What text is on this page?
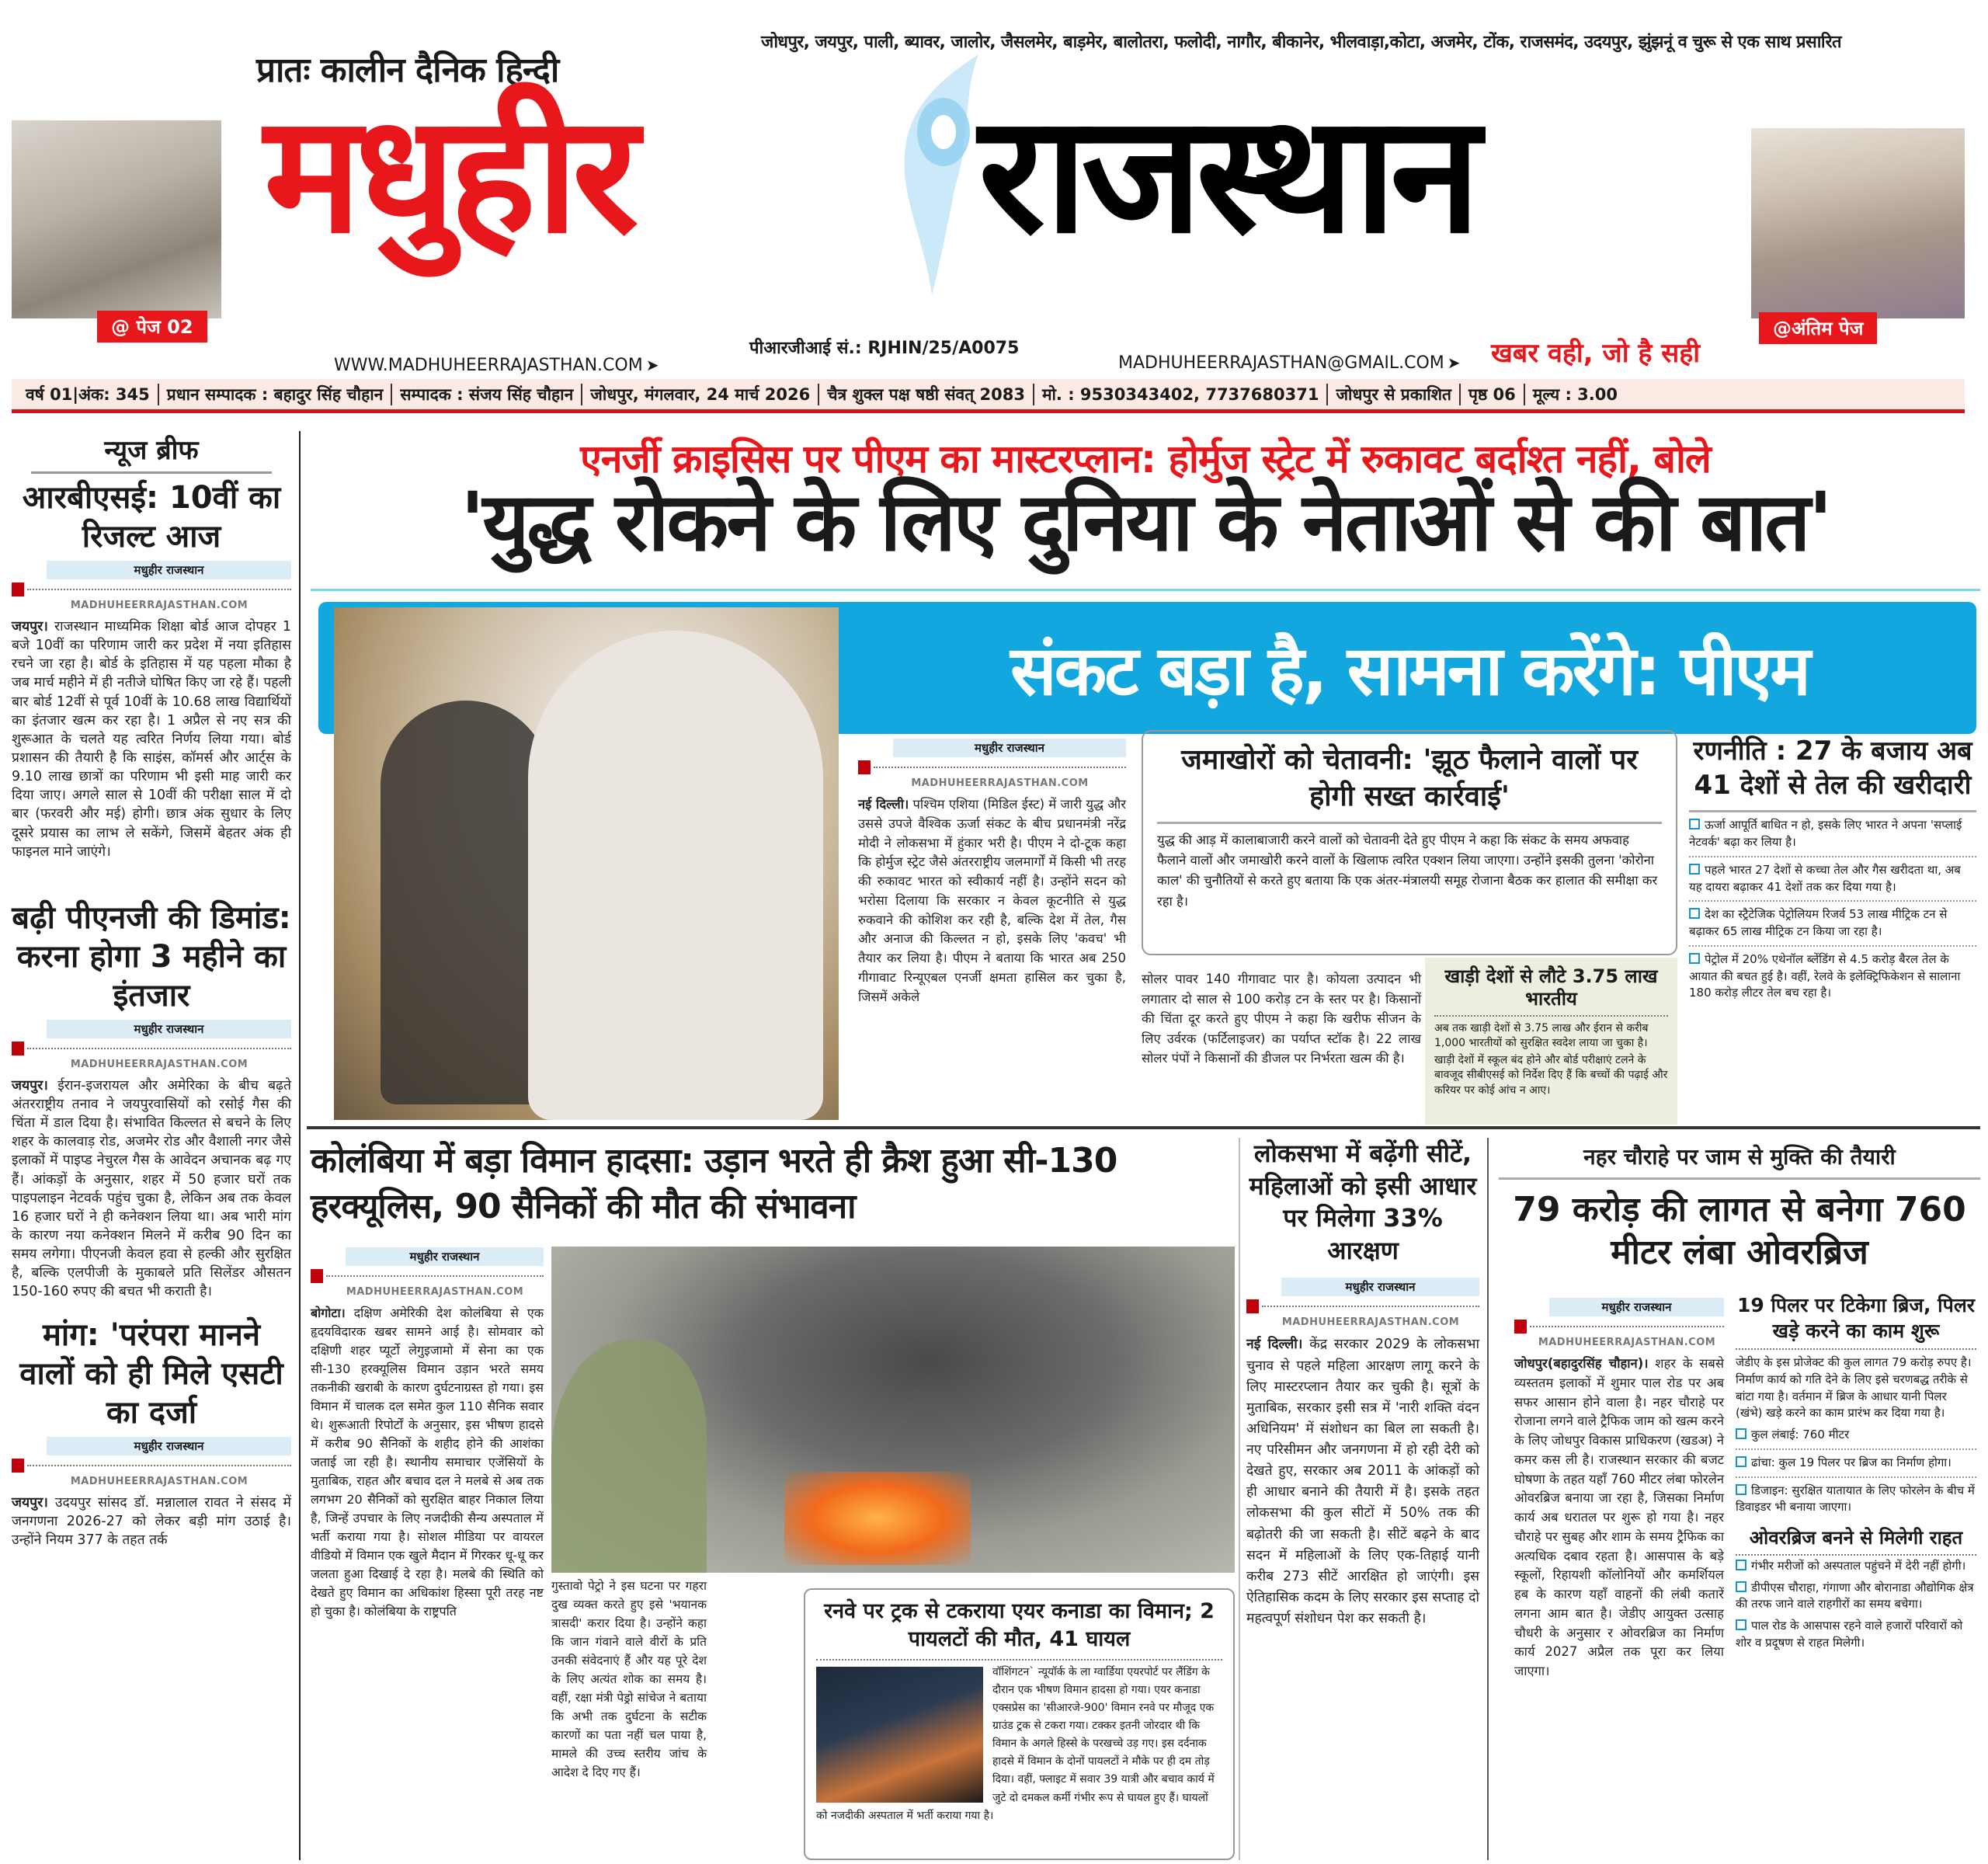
प्रातः कालीन दैनिक हिन्दी
जोधपुर, जयपुर, पाली, ब्यावर, जालोर, जैसलमेर, बाड़मेर, बालोतरा, फलोदी, नागौर, बीकानेर, भीलवाड़ा,कोटा, अजमेर, टोंक, राजसमंद, उदयपुर, झुंझनूं व चुरू से एक साथ प्रसारित
@ पेज 02
मधुहीर राजस्थान
@अंतिम पेज
WWW.MADHUHEERRAJASTHAN.COM ➤
पीआरजीआई सं.: RJHIN/25/A0075
MADHUHEERRAJASTHAN@GMAIL.COM ➤ खबर वही, जो है सही
वर्ष 01|अंक: 345	प्रधान सम्पादक : बहादुर सिंह चौहान	सम्पादक : संजय सिंह चौहान	जोधपुर, मंगलवार, 24 मार्च 2026	चैत्र शुक्ल पक्ष षष्ठी संवत् 2083	मो. : 9530343402, 7737680371	जोधपुर से प्रकाशित	पृष्ठ 06	मूल्य : 3.00
न्यूज ब्रीफ
आरबीएसई: 10वीं का रिजल्ट आज
मधुहीर राजस्थान
MADHUHEERRAJASTHAN.COM
जयपुर। राजस्थान माध्यमिक शिक्षा बोर्ड आज दोपहर 1 बजे 10वीं का परिणाम जारी कर प्रदेश में नया इतिहास रचने जा रहा है। बोर्ड के इतिहास में यह पहला मौका है जब मार्च महीने में ही नतीजे घोषित किए जा रहे हैं। पहली बार बोर्ड 12वीं से पूर्व 10वीं के 10.68 लाख विद्यार्थियों का इंतजार खत्म कर रहा है। 1 अप्रैल से नए सत्र की शुरूआत के चलते यह त्वरित निर्णय लिया गया। बोर्ड प्रशासन की तैयारी है कि साइंस, कॉमर्स और आर्ट्स के 9.10 लाख छात्रों का परिणाम भी इसी माह जारी कर दिया जाए। अगले साल से 10वीं की परीक्षा साल में दो बार (फरवरी और मई) होगी। छात्र अंक सुधार के लिए दूसरे प्रयास का लाभ ले सकेंगे, जिसमें बेहतर अंक ही फाइनल माने जाएंगे।
बढ़ी पीएनजी की डिमांड: करना होगा 3 महीने का इंतजार
मधुहीर राजस्थान
MADHUHEERRAJASTHAN.COM
जयपुर। ईरान-इजरायल और अमेरिका के बीच बढ़ते अंतरराष्ट्रीय तनाव ने जयपुरवासियों को रसोई गैस की चिंता में डाल दिया है। संभावित किल्लत से बचने के लिए शहर के कालवाड़ रोड, अजमेर रोड और वैशाली नगर जैसे इलाकों में पाइप्ड नेचुरल गैस के आवेदन अचानक बढ़ गए हैं। आंकड़ों के अनुसार, शहर में 50 हजार घरों तक पाइपलाइन नेटवर्क पहुंच चुका है, लेकिन अब तक केवल 16 हजार घरों ने ही कनेक्शन लिया था। अब भारी मांग के कारण नया कनेक्शन मिलने में करीब 90 दिन का समय लगेगा। पीएनजी केवल हवा से हल्की और सुरक्षित है, बल्कि एलपीजी के मुकाबले प्रति सिलेंडर औसतन 150-160 रुपए की बचत भी कराती है।
मांग: 'परंपरा मानने वालों को ही मिले एसटी का दर्जा
मधुहीर राजस्थान
MADHUHEERRAJASTHAN.COM
जयपुर। उदयपुर सांसद डॉ. मन्नालाल रावत ने संसद में जनगणना 2026-27 को लेकर बड़ी मांग उठाई है। उन्होंने नियम 377 के तहत तर्क
एनर्जी क्राइसिस पर पीएम का मास्टरप्लान: होर्मुज स्ट्रेट में रुकावट बर्दाश्त नहीं, बोले
'युद्ध रोकने के लिए दुनिया के नेताओं से की बात'
संकट बड़ा है, सामना करेंगे: पीएम
मधुहीर राजस्थान
MADHUHEERRAJASTHAN.COM
नई दिल्ली। पश्चिम एशिया (मिडिल ईस्ट) में जारी युद्ध और उससे उपजे वैश्विक ऊर्जा संकट के बीच प्रधानमंत्री नरेंद्र मोदी ने लोकसभा में हुंकार भरी है। पीएम ने दो-टूक कहा कि होर्मुज स्ट्रेट जैसे अंतरराष्ट्रीय जलमार्गों में किसी भी तरह की रुकावट भारत को स्वीकार्य नहीं है। उन्होंने सदन को भरोसा दिलाया कि सरकार न केवल कूटनीति से युद्ध रुकवाने की कोशिश कर रही है, बल्कि देश में तेल, गैस और अनाज की किल्लत न हो, इसके लिए 'कवच' भी तैयार कर लिया है। पीएम ने बताया कि भारत अब 250 गीगावाट रिन्यूएबल एनर्जी क्षमता हासिल कर चुका है, जिसमें अकेले
जमाखोरों को चेतावनी: 'झूठ फैलाने वालों पर होगी सख्त कार्रवाई'
युद्ध की आड़ में कालाबाजारी करने वालों को चेतावनी देते हुए पीएम ने कहा कि संकट के समय अफवाह फैलाने वालों और जमाखोरी करने वालों के खिलाफ त्वरित एक्शन लिया जाएगा। उन्होंने इसकी तुलना 'कोरोना काल' की चुनौतियों से करते हुए बताया कि एक अंतर-मंत्रालयी समूह रोजाना बैठक कर हालात की समीक्षा कर रहा है।
सोलर पावर 140 गीगावाट पार है। कोयला उत्पादन भी लगातार दो साल से 100 करोड़ टन के स्तर पर है। किसानों की चिंता दूर करते हुए पीएम ने कहा कि खरीफ सीजन के लिए उर्वरक (फर्टिलाइजर) का पर्याप्त स्टॉक है। 22 लाख सोलर पंपों ने किसानों की डीजल पर निर्भरता खत्म की है।
खाड़ी देशों से लौटे 3.75 लाख भारतीय
अब तक खाड़ी देशों से 3.75 लाख और ईरान से करीब 1,000 भारतीयों को सुरक्षित स्वदेश लाया जा चुका है।
खाड़ी देशों में स्कूल बंद होने और बोर्ड परीक्षाएं टलने के बावजूद सीबीएसई को निर्देश दिए हैं कि बच्चों की पढ़ाई और करियर पर कोई आंच न आए।
रणनीति : 27 के बजाय अब 41 देशों से तेल की खरीदारी
ऊर्जा आपूर्ति बाधित न हो, इसके लिए भारत ने अपना 'सप्लाई नेटवर्क' बढ़ा कर लिया है।
पहले भारत 27 देशों से कच्चा तेल और गैस खरीदता था, अब यह दायरा बढ़ाकर 41 देशों तक कर दिया गया है।
देश का स्ट्रैटेजिक पेट्रोलियम रिजर्व 53 लाख मीट्रिक टन से बढ़ाकर 65 लाख मीट्रिक टन किया जा रहा है।
पेट्रोल में 20% एथेनॉल ब्लेंडिंग से 4.5 करोड़ बैरल तेल के आयात की बचत हुई है। वहीं, रेलवे के इलेक्ट्रिफिकेशन से सालाना 180 करोड़ लीटर तेल बच रहा है।
कोलंबिया में बड़ा विमान हादसा: उड़ान भरते ही क्रैश हुआ सी-130 हरक्यूलिस, 90 सैनिकों की मौत की संभावना
मधुहीर राजस्थान
MADHUHEERRAJASTHAN.COM
बोगोटा। दक्षिण अमेरिकी देश कोलंबिया से एक हृदयविदारक खबर सामने आई है। सोमवार को दक्षिणी शहर प्यूर्टो लेगुइजामो में सेना का एक सी-130 हरक्यूलिस विमान उड़ान भरते समय तकनीकी खराबी के कारण दुर्घटनाग्रस्त हो गया। इस विमान में चालक दल समेत कुल 110 सैनिक सवार थे। शुरूआती रिपोर्टों के अनुसार, इस भीषण हादसे में करीब 90 सैनिकों के शहीद होने की आशंका जताई जा रही है। स्थानीय समाचार एजेंसियों के मुताबिक, राहत और बचाव दल ने मलबे से अब तक लगभग 20 सैनिकों को सुरक्षित बाहर निकाल लिया है, जिन्हें उपचार के लिए नजदीकी सैन्य अस्पताल में भर्ती कराया गया है। सोशल मीडिया पर वायरल वीडियो में विमान एक खुले मैदान में गिरकर धू-धू कर जलता हुआ दिखाई दे रहा है। मलबे की स्थिति को देखते हुए विमान का अधिकांश हिस्सा पूरी तरह नष्ट हो चुका है। कोलंबिया के राष्ट्रपति
गुस्तावो पेट्रो ने इस घटना पर गहरा दुख व्यक्त करते हुए इसे 'भयानक त्रासदी' करार दिया है। उन्होंने कहा कि जान गंवाने वाले वीरों के प्रति उनकी संवेदनाएं हैं और यह पूरे देश के लिए अत्यंत शोक का समय है। वहीं, रक्षा मंत्री पेड्रो सांचेज ने बताया कि अभी तक दुर्घटना के सटीक कारणों का पता नहीं चल पाया है, मामले की उच्च स्तरीय जांच के आदेश दे दिए गए हैं।
रनवे पर ट्रक से टकराया एयर कनाडा का विमान; 2 पायलटों की मौत, 41 घायल
वॉशिंगटन` न्यूयॉर्क के ला ग्वार्डिया एयरपोर्ट पर लैंडिंग के दौरान एक भीषण विमान हादसा हो गया। एयर कनाडा एक्सप्रेस का 'सीआरजे-900' विमान रनवे पर मौजूद एक ग्राउंड ट्रक से टकरा गया। टक्कर इतनी जोरदार थी कि विमान के अगले हिस्से के परखच्चे उड़ गए। इस दर्दनाक हादसे में विमान के दोनों पायलटों ने मौके पर ही दम तोड़ दिया। वहीं, फ्लाइट में सवार 39 यात्री और बचाव कार्य में जुटे दो दमकल कर्मी गंभीर रूप से घायल हुए हैं। घायलों को नजदीकी अस्पताल में भर्ती कराया गया है।
लोकसभा में बढ़ेंगी सीटें, महिलाओं को इसी आधार पर मिलेगा 33% आरक्षण
मधुहीर राजस्थान
MADHUHEERRAJASTHAN.COM
नई दिल्ली। केंद्र सरकार 2029 के लोकसभा चुनाव से पहले महिला आरक्षण लागू करने के लिए मास्टरप्लान तैयार कर चुकी है। सूत्रों के मुताबिक, सरकार इसी सत्र में 'नारी शक्ति वंदन अधिनियम' में संशोधन का बिल ला सकती है। नए परिसीमन और जनगणना में हो रही देरी को देखते हुए, सरकार अब 2011 के आंकड़ों को ही आधार बनाने की तैयारी में है। इसके तहत लोकसभा की कुल सीटों में 50% तक की बढ़ोतरी की जा सकती है। सीटें बढ़ने के बाद सदन में महिलाओं के लिए एक-तिहाई यानी करीब 273 सीटें आरक्षित हो जाएंगी। इस ऐतिहासिक कदम के लिए सरकार इस सप्ताह दो महत्वपूर्ण संशोधन पेश कर सकती है।
नहर चौराहे पर जाम से मुक्ति की तैयारी
79 करोड़ की लागत से बनेगा 760 मीटर लंबा ओवरब्रिज
मधुहीर राजस्थान
MADHUHEERRAJASTHAN.COM
जोधपुर(बहादुरसिंह चौहान)। शहर के सबसे व्यस्ततम इलाकों में शुमार पाल रोड पर अब सफर आसान होने वाला है। नहर चौराहे पर रोजाना लगने वाले ट्रैफिक जाम को खत्म करने के लिए जोधपुर विकास प्राधिकरण (खडअ) ने कमर कस ली है। राजस्थान सरकार की बजट घोषणा के तहत यहाँ 760 मीटर लंबा फोरलेन ओवरब्रिज बनाया जा रहा है, जिसका निर्माण कार्य अब धरातल पर शुरू हो गया है। नहर चौराहे पर सुबह और शाम के समय ट्रैफिक का अत्यधिक दबाव रहता है। आसपास के बड़े स्कूलों, रिहायशी कॉलोनियों और कमर्शियल हब के कारण यहाँ वाहनों की लंबी कतारें लगना आम बात है। जेडीए आयुक्त उत्साह चौधरी के अनुसार र ओवरब्रिज का निर्माण कार्य 2027 अप्रैल तक पूरा कर लिया जाएगा।
19 पिलर पर टिकेगा ब्रिज, पिलर खड़े करने का काम शुरू
जेडीए के इस प्रोजेक्ट की कुल लागत 79 करोड़ रुपए है। निर्माण कार्य को गति देने के लिए इसे चरणबद्ध तरीके से बांटा गया है। वर्तमान में ब्रिज के आधार यानी पिलर (खंभे) खड़े करने का काम प्रारंभ कर दिया गया है।
कुल लंबाई: 760 मीटर
ढांचा: कुल 19 पिलर पर ब्रिज का निर्माण होगा।
डिजाइन: सुरक्षित यातायात के लिए फोरलेन के बीच में डिवाइडर भी बनाया जाएगा।
ओवरब्रिज बनने से मिलेगी राहत
गंभीर मरीजों को अस्पताल पहुंचने में देरी नहीं होगी।
डीपीएस चौराहा, गंगाणा और बोरानाडा औद्योगिक क्षेत्र की तरफ जाने वाले राहगीरों का समय बचेगा।
पाल रोड के आसपास रहने वाले हजारों परिवारों को शोर व प्रदूषण से राहत मिलेगी।
